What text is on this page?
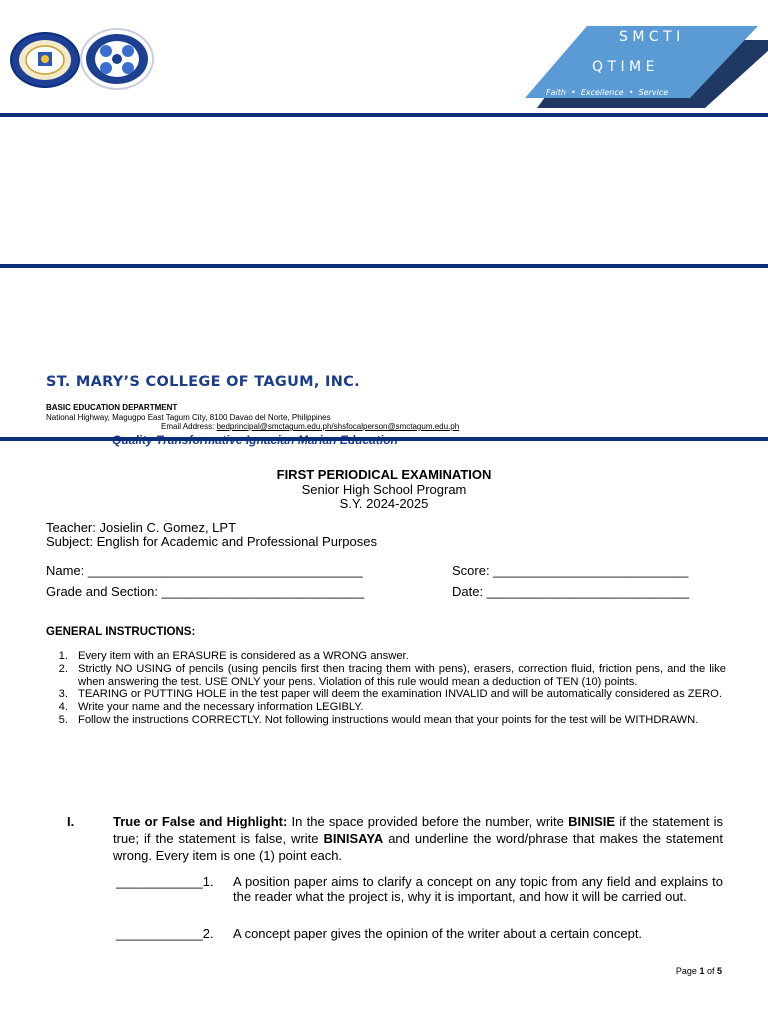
S M C T I
Q T I M E
Faith  •  Excellence  •  Service
ST. MARY’S COLLEGE OF TAGUM, INC.
BASIC EDUCATION DEPARTMENT
National Highway, Magugpo East Tagum City, 8100 Davao del Norte, Philippines
Email Address: bedprincipal@smctagum.edu.ph/shsfocalperson@smctagum.edu.ph
FIRST PERIODICAL EXAMINATION
Senior High School Program
S.Y. 2024-2025
Teacher: Josielin C. Gomez, LPT
Subject: English for Academic and Professional Purposes
Name: ______________________________________	Score: ___________________________
Grade and Section: ____________________________	Date: ____________________________
GENERAL INSTRUCTIONS:
1. Every item with an ERASURE is considered as a WRONG answer.
2. Strictly NO USING of pencils (using pencils first then tracing them with pens), erasers, correction fluid, friction pens, and the like when answering the test. USE ONLY your pens. Violation of this rule would mean a deduction of TEN (10) points.
3. TEARING or PUTTING HOLE in the test paper will deem the examination INVALID and will be automatically considered as ZERO.
4. Write your name and the necessary information LEGIBLY.
5. Follow the instructions CORRECTLY. Not following instructions would mean that your points for the test will be WITHDRAWN.
I.	True or False and Highlight: In the space provided before the number, write BINISIE if the statement is true; if the statement is false, write BINISAYA and underline the word/phrase that makes the statement wrong. Every item is one (1) point each.
____________1. A position paper aims to clarify a concept on any topic from any field and explains to the reader what the project is, why it is important, and how it will be carried out.
____________2. A concept paper gives the opinion of the writer about a certain concept.
Page 1 of 5
